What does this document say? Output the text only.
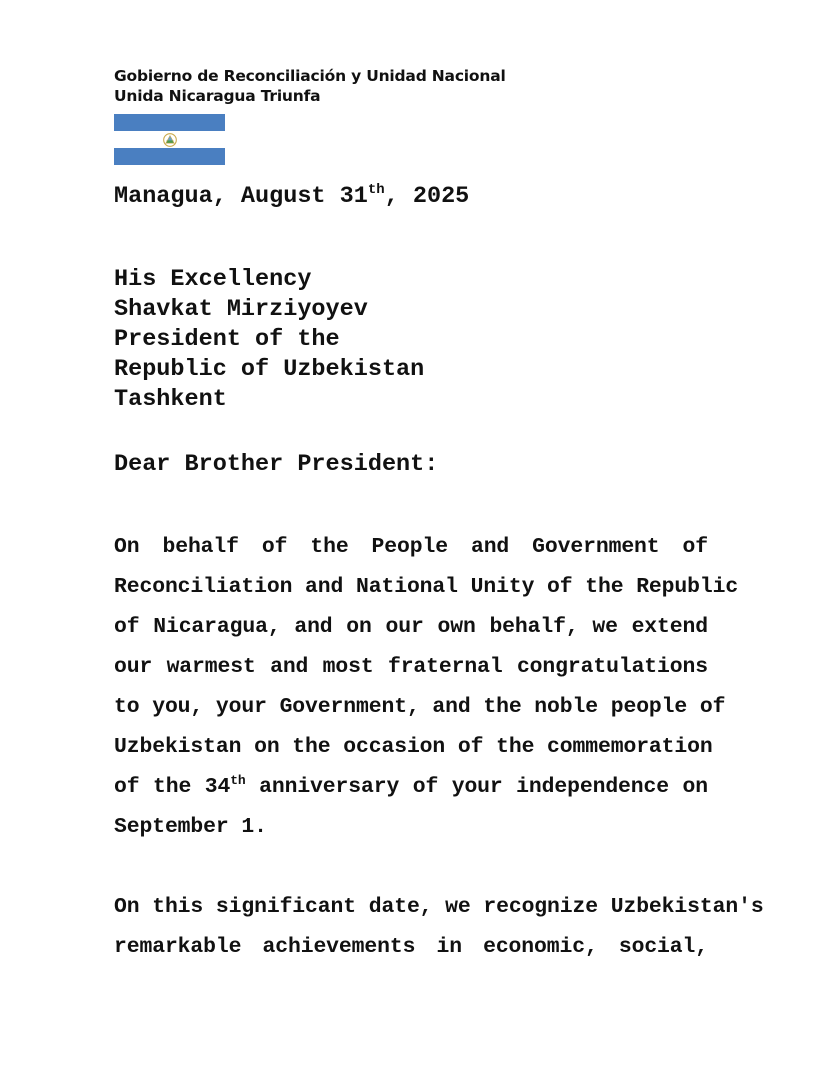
Gobierno de Reconciliación y Unidad Nacional
Unida Nicaragua Triunfa
Managua, August 31th, 2025
His Excellency
Shavkat Mirziyoyev
President of the
Republic of Uzbekistan
Tashkent
Dear Brother President:
On behalf of the People and Government of
Reconciliation and National Unity of the Republic
of Nicaragua, and on our own behalf, we extend
our warmest and most fraternal congratulations
to you, your Government, and the noble people of
Uzbekistan on the occasion of the commemoration
of the 34th anniversary of your independence on
September 1.
On this significant date, we recognize Uzbekistan's
remarkable achievements in economic, social,
